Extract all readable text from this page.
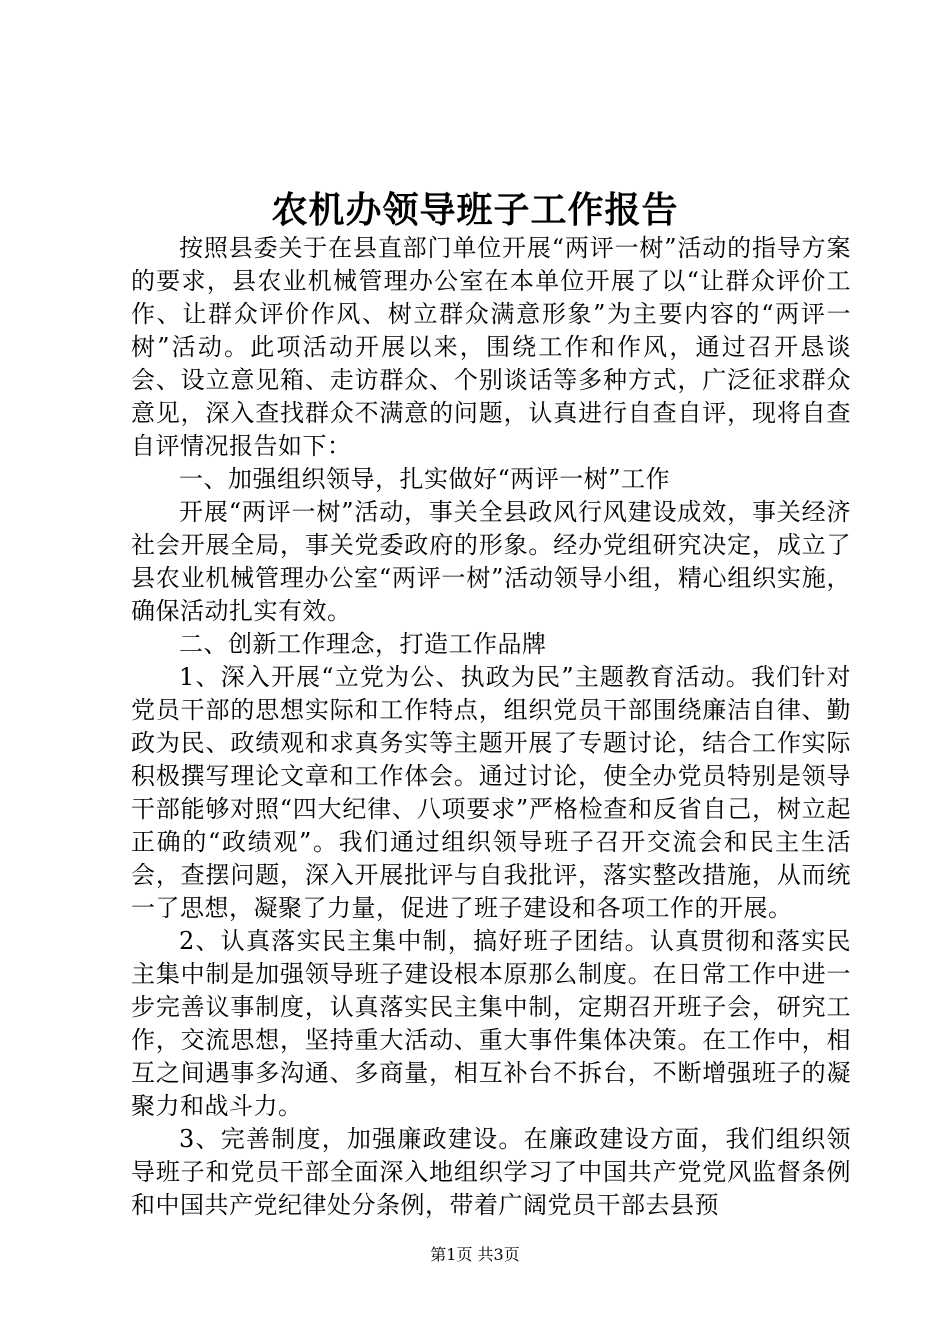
农机办领导班子工作报告

按照县委关于在县直部门单位开展“两评一树”活动的指导方案的要求，县农业机械管理办公室在本单位开展了以“让群众评价工作、让群众评价作风、树立群众满意形象”为主要内容的“两评一树”活动。此项活动开展以来，围绕工作和作风，通过召开恳谈会、设立意见箱、走访群众、个别谈话等多种方式，广泛征求群众意见，深入查找群众不满意的问题，认真进行自查自评，现将自查自评情况报告如下：

一、加强组织领导，扎实做好“两评一树”工作

开展“两评一树”活动，事关全县政风行风建设成效，事关经济社会开展全局，事关党委政府的形象。经办党组研究决定，成立了县农业机械管理办公室“两评一树”活动领导小组，精心组织实施，确保活动扎实有效。

二、创新工作理念，打造工作品牌

1、深入开展“立党为公、执政为民”主题教育活动。我们针对党员干部的思想实际和工作特点，组织党员干部围绕廉洁自律、勤政为民、政绩观和求真务实等主题开展了专题讨论，结合工作实际积极撰写理论文章和工作体会。通过讨论，使全办党员特别是领导干部能够对照“四大纪律、八项要求”严格检查和反省自己，树立起正确的“政绩观”。我们通过组织领导班子召开交流会和民主生活会，查摆问题，深入开展批评与自我批评，落实整改措施，从而统一了思想，凝聚了力量，促进了班子建设和各项工作的开展。

2、认真落实民主集中制，搞好班子团结。认真贯彻和落实民主集中制是加强领导班子建设根本原那么制度。在日常工作中进一步完善议事制度，认真落实民主集中制，定期召开班子会，研究工作，交流思想，坚持重大活动、重大事件集体决策。在工作中，相互之间遇事多沟通、多商量，相互补台不拆台，不断增强班子的凝聚力和战斗力。

3、完善制度，加强廉政建设。在廉政建设方面，我们组织领导班子和党员干部全面深入地组织学习了中国共产党党风监督条例和中国共产党纪律处分条例，带着广阔党员干部去县预

第1页 共3页
